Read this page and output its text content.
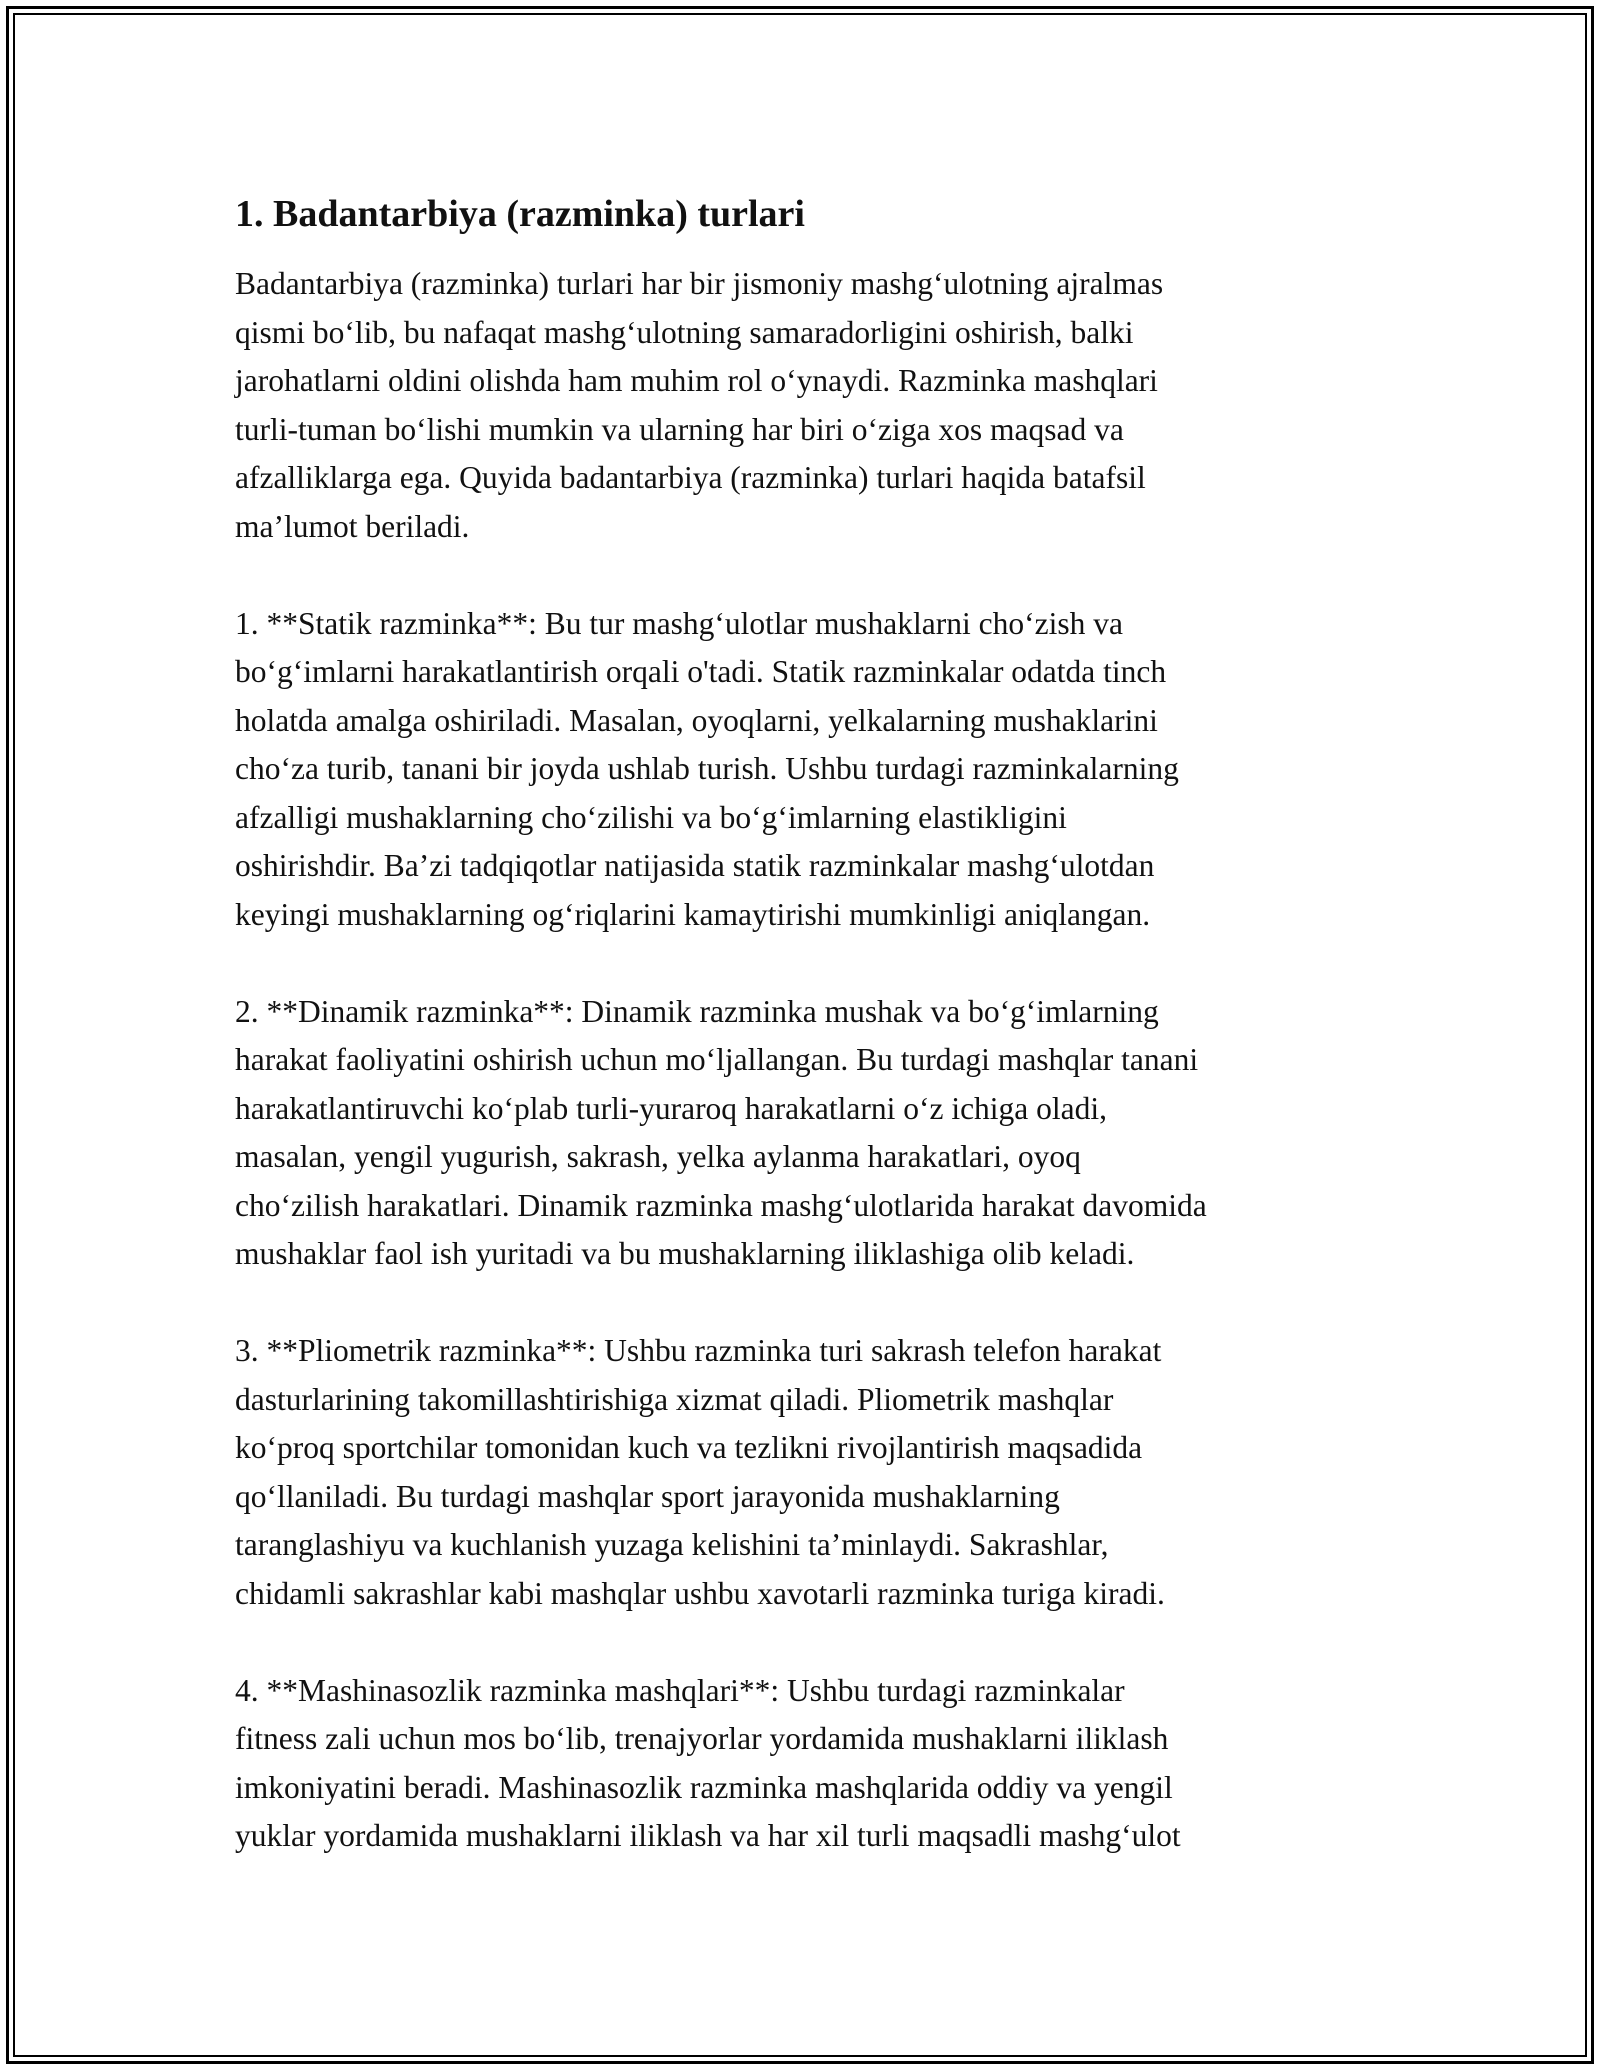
1. Badantarbiya (razminka) turlari
Badantarbiya (razminka) turlari har bir jismoniy mashg‘ulotning ajralmas
qismi bo‘lib, bu nafaqat mashg‘ulotning samaradorligini oshirish, balki
jarohatlarni oldini olishda ham muhim rol o‘ynaydi. Razminka mashqlari
turli-tuman bo‘lishi mumkin va ularning har biri o‘ziga xos maqsad va
afzalliklarga ega. Quyida badantarbiya (razminka) turlari haqida batafsil
ma’lumot beriladi.
1. **Statik razminka**: Bu tur mashg‘ulotlar mushaklarni cho‘zish va
bo‘g‘imlarni harakatlantirish orqali o'tadi. Statik razminkalar odatda tinch
holatda amalga oshiriladi. Masalan, oyoqlarni, yelkalarning mushaklarini
cho‘za turib, tanani bir joyda ushlab turish. Ushbu turdagi razminkalarning
afzalligi mushaklarning cho‘zilishi va bo‘g‘imlarning elastikligini
oshirishdir. Ba’zi tadqiqotlar natijasida statik razminkalar mashg‘ulotdan
keyingi mushaklarning og‘riqlarini kamaytirishi mumkinligi aniqlangan.
2. **Dinamik razminka**: Dinamik razminka mushak va bo‘g‘imlarning
harakat faoliyatini oshirish uchun mo‘ljallangan. Bu turdagi mashqlar tanani
harakatlantiruvchi ko‘plab turli-yuraroq harakatlarni o‘z ichiga oladi,
masalan, yengil yugurish, sakrash, yelka aylanma harakatlari, oyoq
cho‘zilish harakatlari. Dinamik razminka mashg‘ulotlarida harakat davomida
mushaklar faol ish yuritadi va bu mushaklarning iliklashiga olib keladi.
3. **Pliometrik razminka**: Ushbu razminka turi sakrash telefon harakat
dasturlarining takomillashtirishiga xizmat qiladi. Pliometrik mashqlar
ko‘proq sportchilar tomonidan kuch va tezlikni rivojlantirish maqsadida
qo‘llaniladi. Bu turdagi mashqlar sport jarayonida mushaklarning
taranglashiyu va kuchlanish yuzaga kelishini ta’minlaydi. Sakrashlar,
chidamli sakrashlar kabi mashqlar ushbu xavotarli razminka turiga kiradi.
4. **Mashinasozlik razminka mashqlari**: Ushbu turdagi razminkalar
fitness zali uchun mos bo‘lib, trenajyorlar yordamida mushaklarni iliklash
imkoniyatini beradi. Mashinasozlik razminka mashqlarida oddiy va yengil
yuklar yordamida mushaklarni iliklash va har xil turli maqsadli mashg‘ulot
